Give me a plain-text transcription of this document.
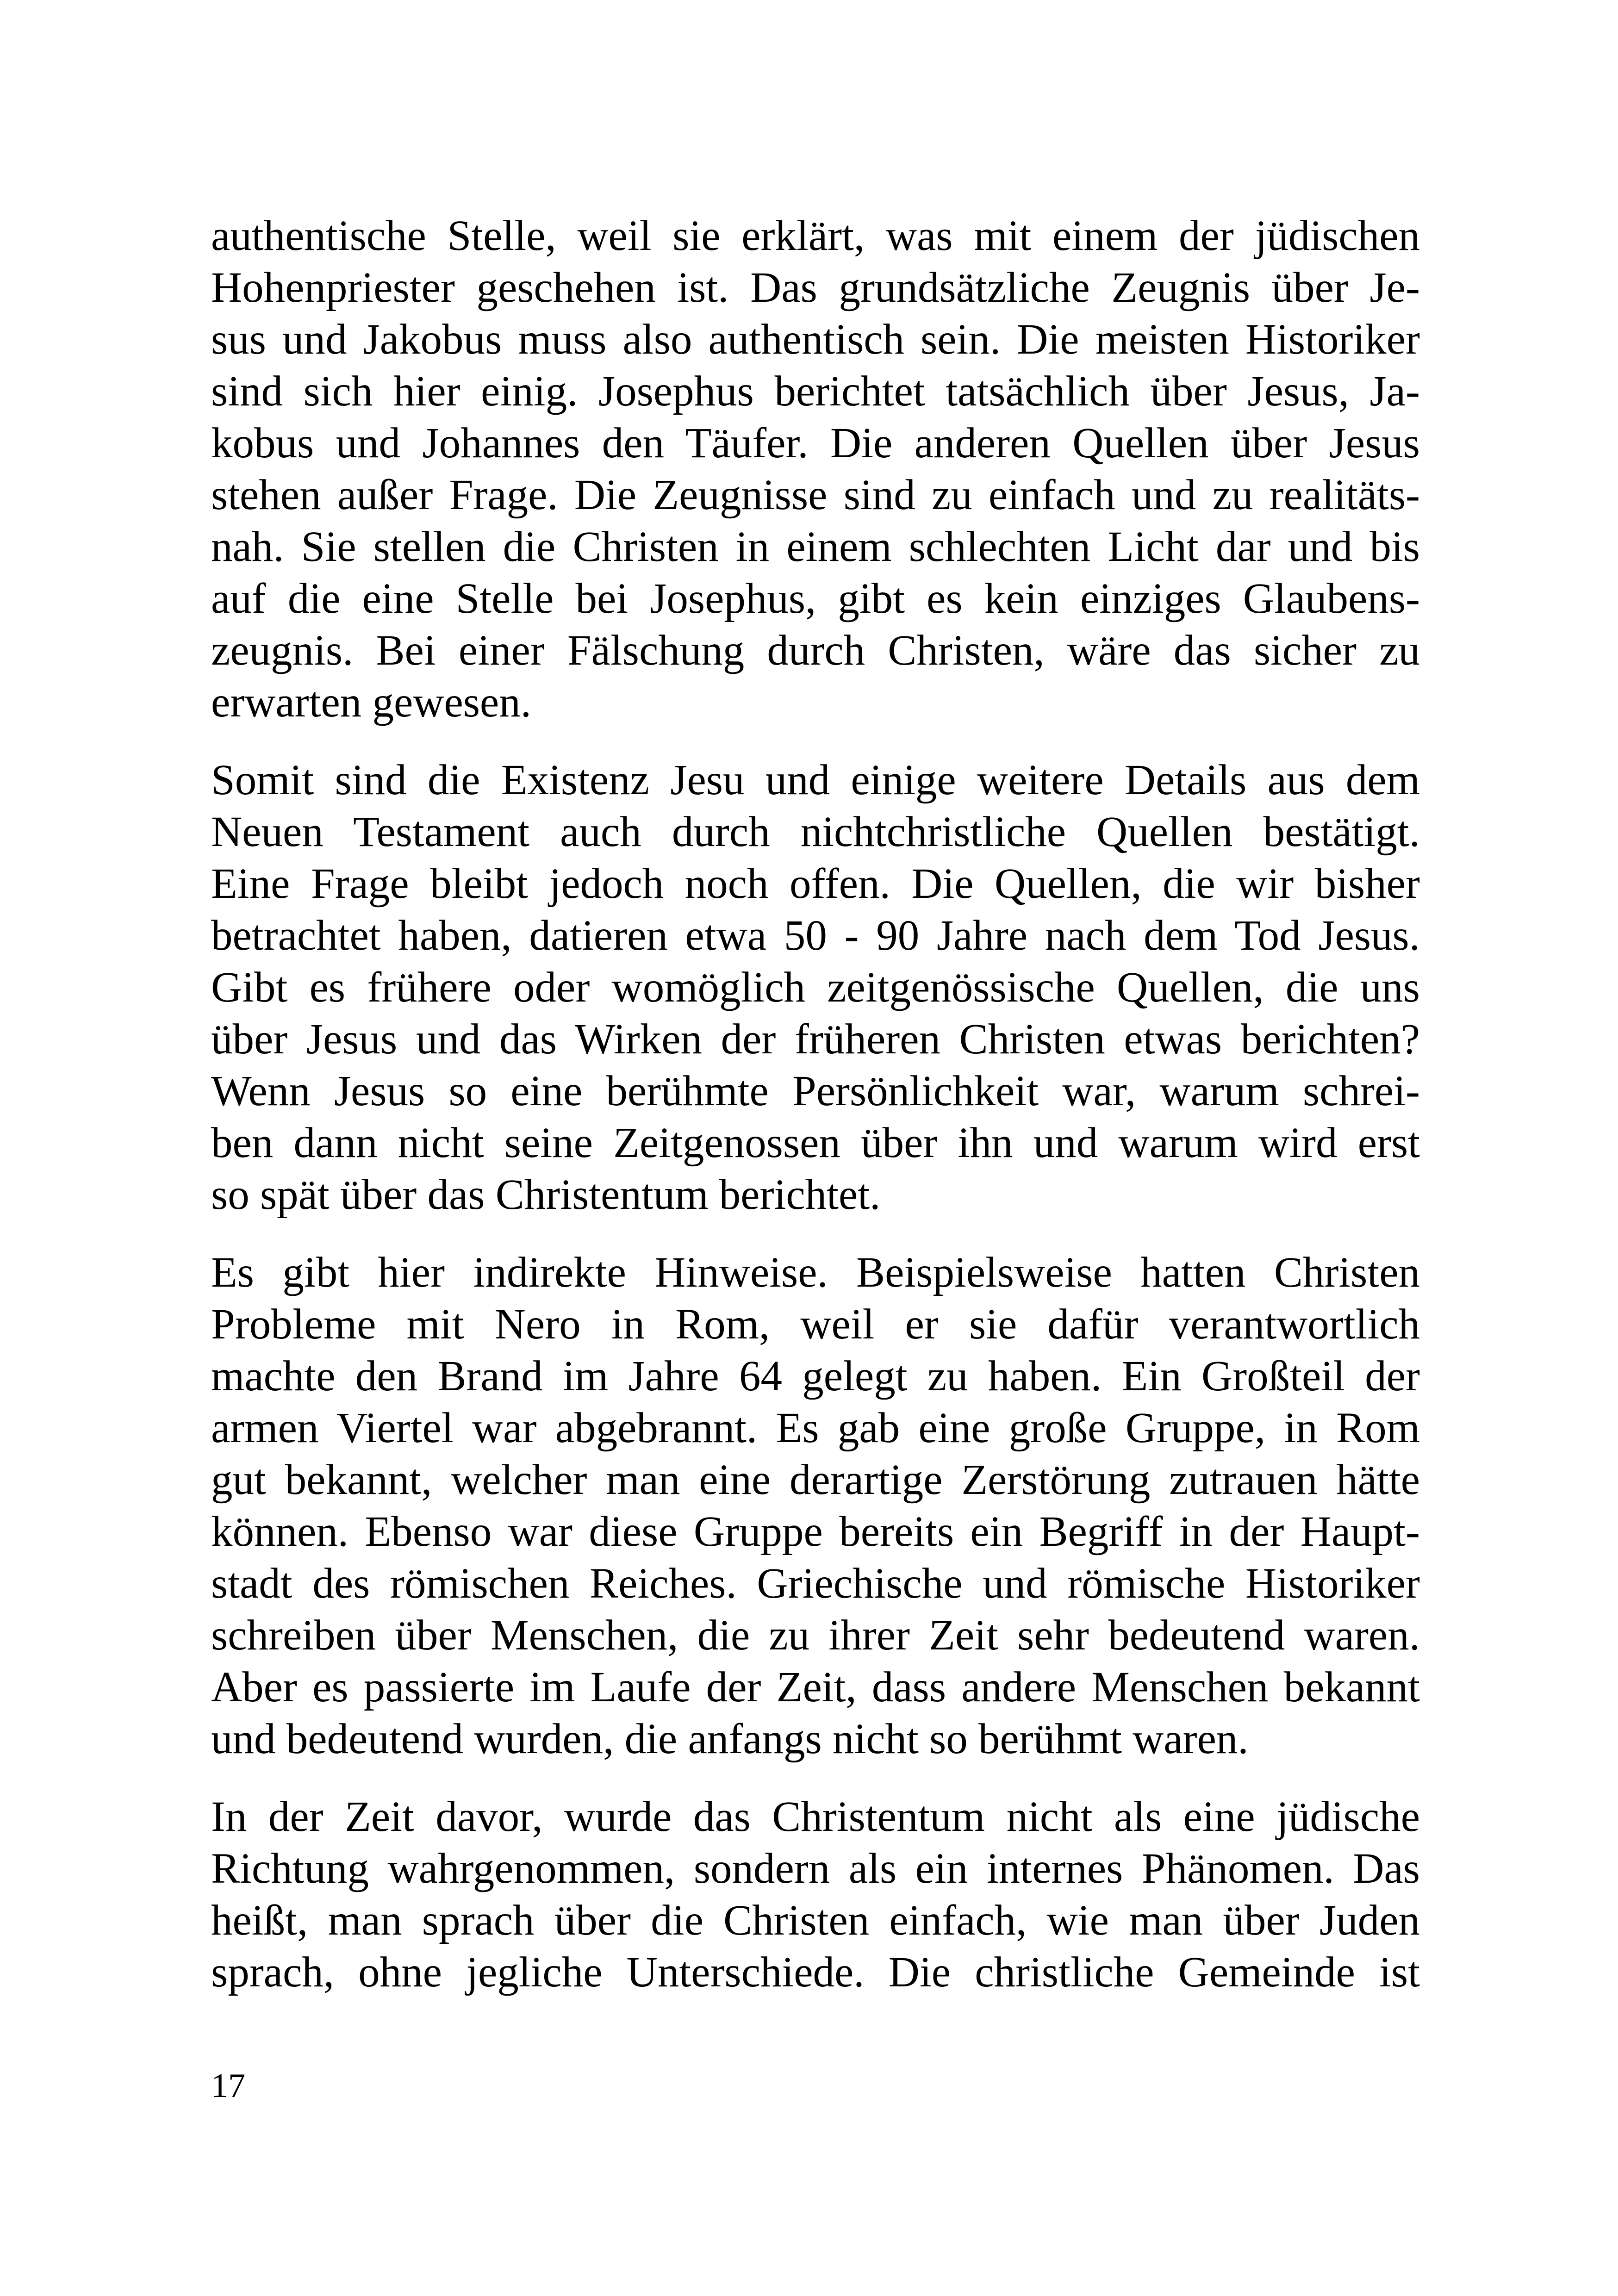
authentische Stelle, weil sie erklärt, was mit einem der jüdischen
Hohenpriester geschehen ist. Das grundsätzliche Zeugnis über Je-
sus und Jakobus muss also authentisch sein. Die meisten Historiker
sind sich hier einig. Josephus berichtet tatsächlich über Jesus, Ja-
kobus und Johannes den Täufer. Die anderen Quellen über Jesus
stehen außer Frage. Die Zeugnisse sind zu einfach und zu realitäts-
nah. Sie stellen die Christen in einem schlechten Licht dar und bis
auf die eine Stelle bei Josephus, gibt es kein einziges Glaubens-
zeugnis. Bei einer Fälschung durch Christen, wäre das sicher zu
erwarten gewesen.
Somit sind die Existenz Jesu und einige weitere Details aus dem
Neuen Testament auch durch nichtchristliche Quellen bestätigt.
Eine Frage bleibt jedoch noch offen. Die Quellen, die wir bisher
betrachtet haben, datieren etwa 50 - 90 Jahre nach dem Tod Jesus.
Gibt es frühere oder womöglich zeitgenössische Quellen, die uns
über Jesus und das Wirken der früheren Christen etwas berichten?
Wenn Jesus so eine berühmte Persönlichkeit war, warum schrei-
ben dann nicht seine Zeitgenossen über ihn und warum wird erst
so spät über das Christentum berichtet.
Es gibt hier indirekte Hinweise. Beispielsweise hatten Christen
Probleme mit Nero in Rom, weil er sie dafür verantwortlich
machte den Brand im Jahre 64 gelegt zu haben. Ein Großteil der
armen Viertel war abgebrannt. Es gab eine große Gruppe, in Rom
gut bekannt, welcher man eine derartige Zerstörung zutrauen hätte
können. Ebenso war diese Gruppe bereits ein Begriff in der Haupt-
stadt des römischen Reiches. Griechische und römische Historiker
schreiben über Menschen, die zu ihrer Zeit sehr bedeutend waren.
Aber es passierte im Laufe der Zeit, dass andere Menschen bekannt
und bedeutend wurden, die anfangs nicht so berühmt waren.
In der Zeit davor, wurde das Christentum nicht als eine jüdische
Richtung wahrgenommen, sondern als ein internes Phänomen. Das
heißt, man sprach über die Christen einfach, wie man über Juden
sprach, ohne jegliche Unterschiede. Die christliche Gemeinde ist
17
